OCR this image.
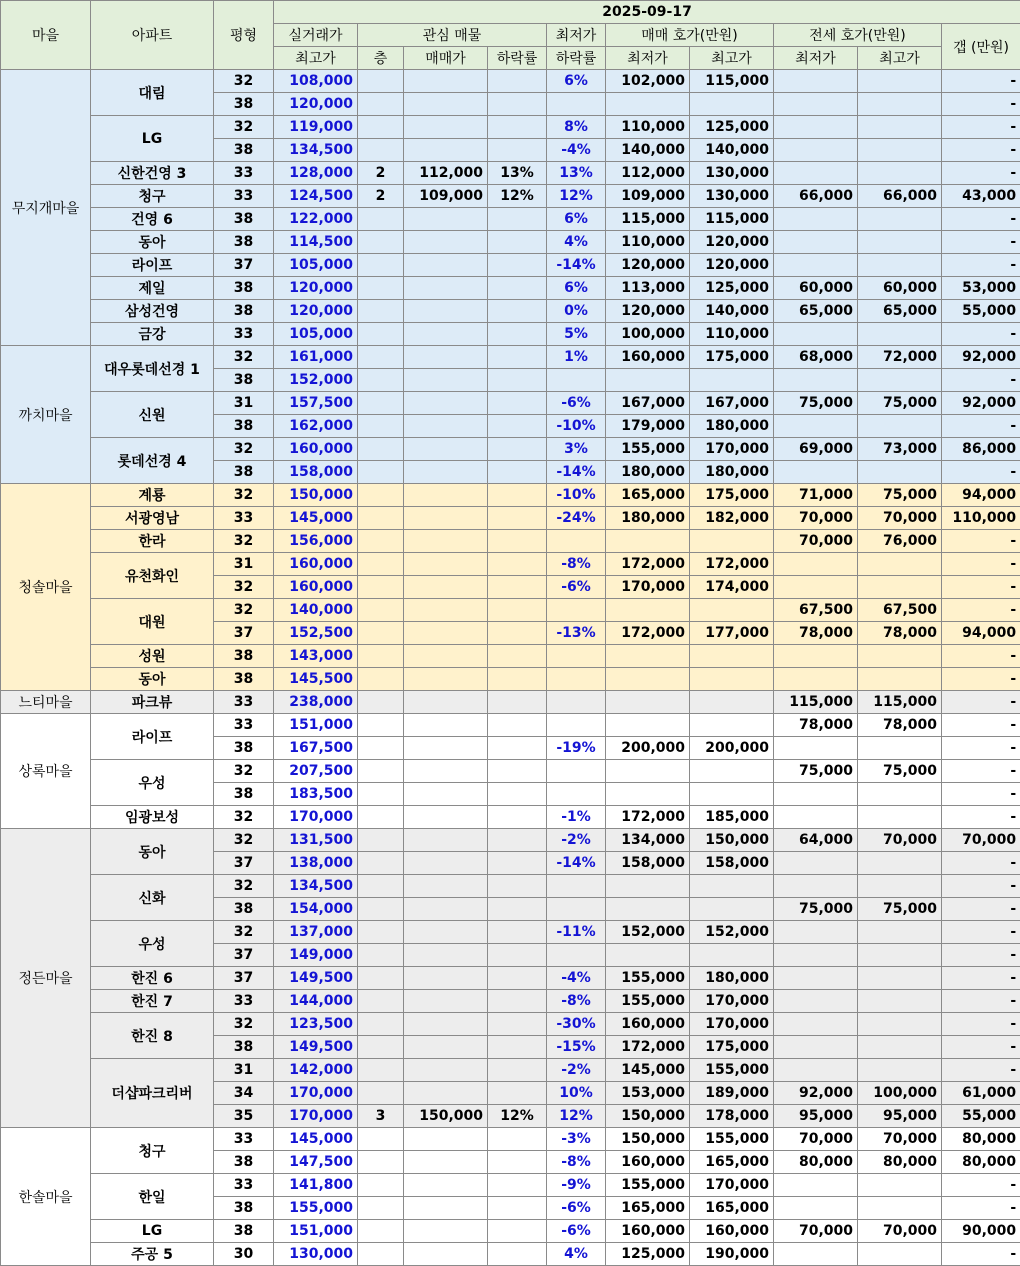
마을	아파트	평형	2025-09-17									
			실거래가	관심 매물			최저가	매매 호가(만원)		전세 호가(만원)		갭 (만원)
			최고가	층	매매가	하락률	하락률	최저가	최고가	최저가	최고가	
무지개마을	대림	32	108,000				6%	102,000	115,000			-
		38	120,000									-
	LG	32	119,000				8%	110,000	125,000			-
		38	134,500				-4%	140,000	140,000			-
	신한건영 3	33	128,000	2	112,000	13%	13%	112,000	130,000			-
	청구	33	124,500	2	109,000	12%	12%	109,000	130,000	66,000	66,000	43,000
	건영 6	38	122,000				6%	115,000	115,000			-
	동아	38	114,500				4%	110,000	120,000			-
	라이프	37	105,000				-14%	120,000	120,000			-
	제일	38	120,000				6%	113,000	125,000	60,000	60,000	53,000
	삼성건영	38	120,000				0%	120,000	140,000	65,000	65,000	55,000
	금강	33	105,000				5%	100,000	110,000			-
까치마을	대우롯데선경 1	32	161,000				1%	160,000	175,000	68,000	72,000	92,000
		38	152,000									-
	신원	31	157,500				-6%	167,000	167,000	75,000	75,000	92,000
		38	162,000				-10%	179,000	180,000			-
	롯데선경 4	32	160,000				3%	155,000	170,000	69,000	73,000	86,000
		38	158,000				-14%	180,000	180,000			-
청솔마을	계룡	32	150,000				-10%	165,000	175,000	71,000	75,000	94,000
	서광영남	33	145,000				-24%	180,000	182,000	70,000	70,000	110,000
	한라	32	156,000							70,000	76,000	-
	유천화인	31	160,000				-8%	172,000	172,000			-
		32	160,000				-6%	170,000	174,000			-
	대원	32	140,000							67,500	67,500	-
		37	152,500				-13%	172,000	177,000	78,000	78,000	94,000
	성원	38	143,000									-
	동아	38	145,500									-
느티마을	파크뷰	33	238,000							115,000	115,000	-
상록마을	라이프	33	151,000							78,000	78,000	-
		38	167,500				-19%	200,000	200,000			-
	우성	32	207,500							75,000	75,000	-
		38	183,500									-
	임광보성	32	170,000				-1%	172,000	185,000			-
정든마을	동아	32	131,500				-2%	134,000	150,000	64,000	70,000	70,000
		37	138,000				-14%	158,000	158,000			-
	신화	32	134,500									-
		38	154,000							75,000	75,000	-
	우성	32	137,000				-11%	152,000	152,000			-
		37	149,000									-
	한진 6	37	149,500				-4%	155,000	180,000			-
	한진 7	33	144,000				-8%	155,000	170,000			-
	한진 8	32	123,500				-30%	160,000	170,000			-
		38	149,500				-15%	172,000	175,000			-
	더샵파크리버	31	142,000				-2%	145,000	155,000			-
		34	170,000				10%	153,000	189,000	92,000	100,000	61,000
		35	170,000	3	150,000	12%	12%	150,000	178,000	95,000	95,000	55,000
한솔마을	청구	33	145,000				-3%	150,000	155,000	70,000	70,000	80,000
		38	147,500				-8%	160,000	165,000	80,000	80,000	80,000
	한일	33	141,800				-9%	155,000	170,000			-
		38	155,000				-6%	165,000	165,000			-
	LG	38	151,000				-6%	160,000	160,000	70,000	70,000	90,000
	주공 5	30	130,000				4%	125,000	190,000			-
